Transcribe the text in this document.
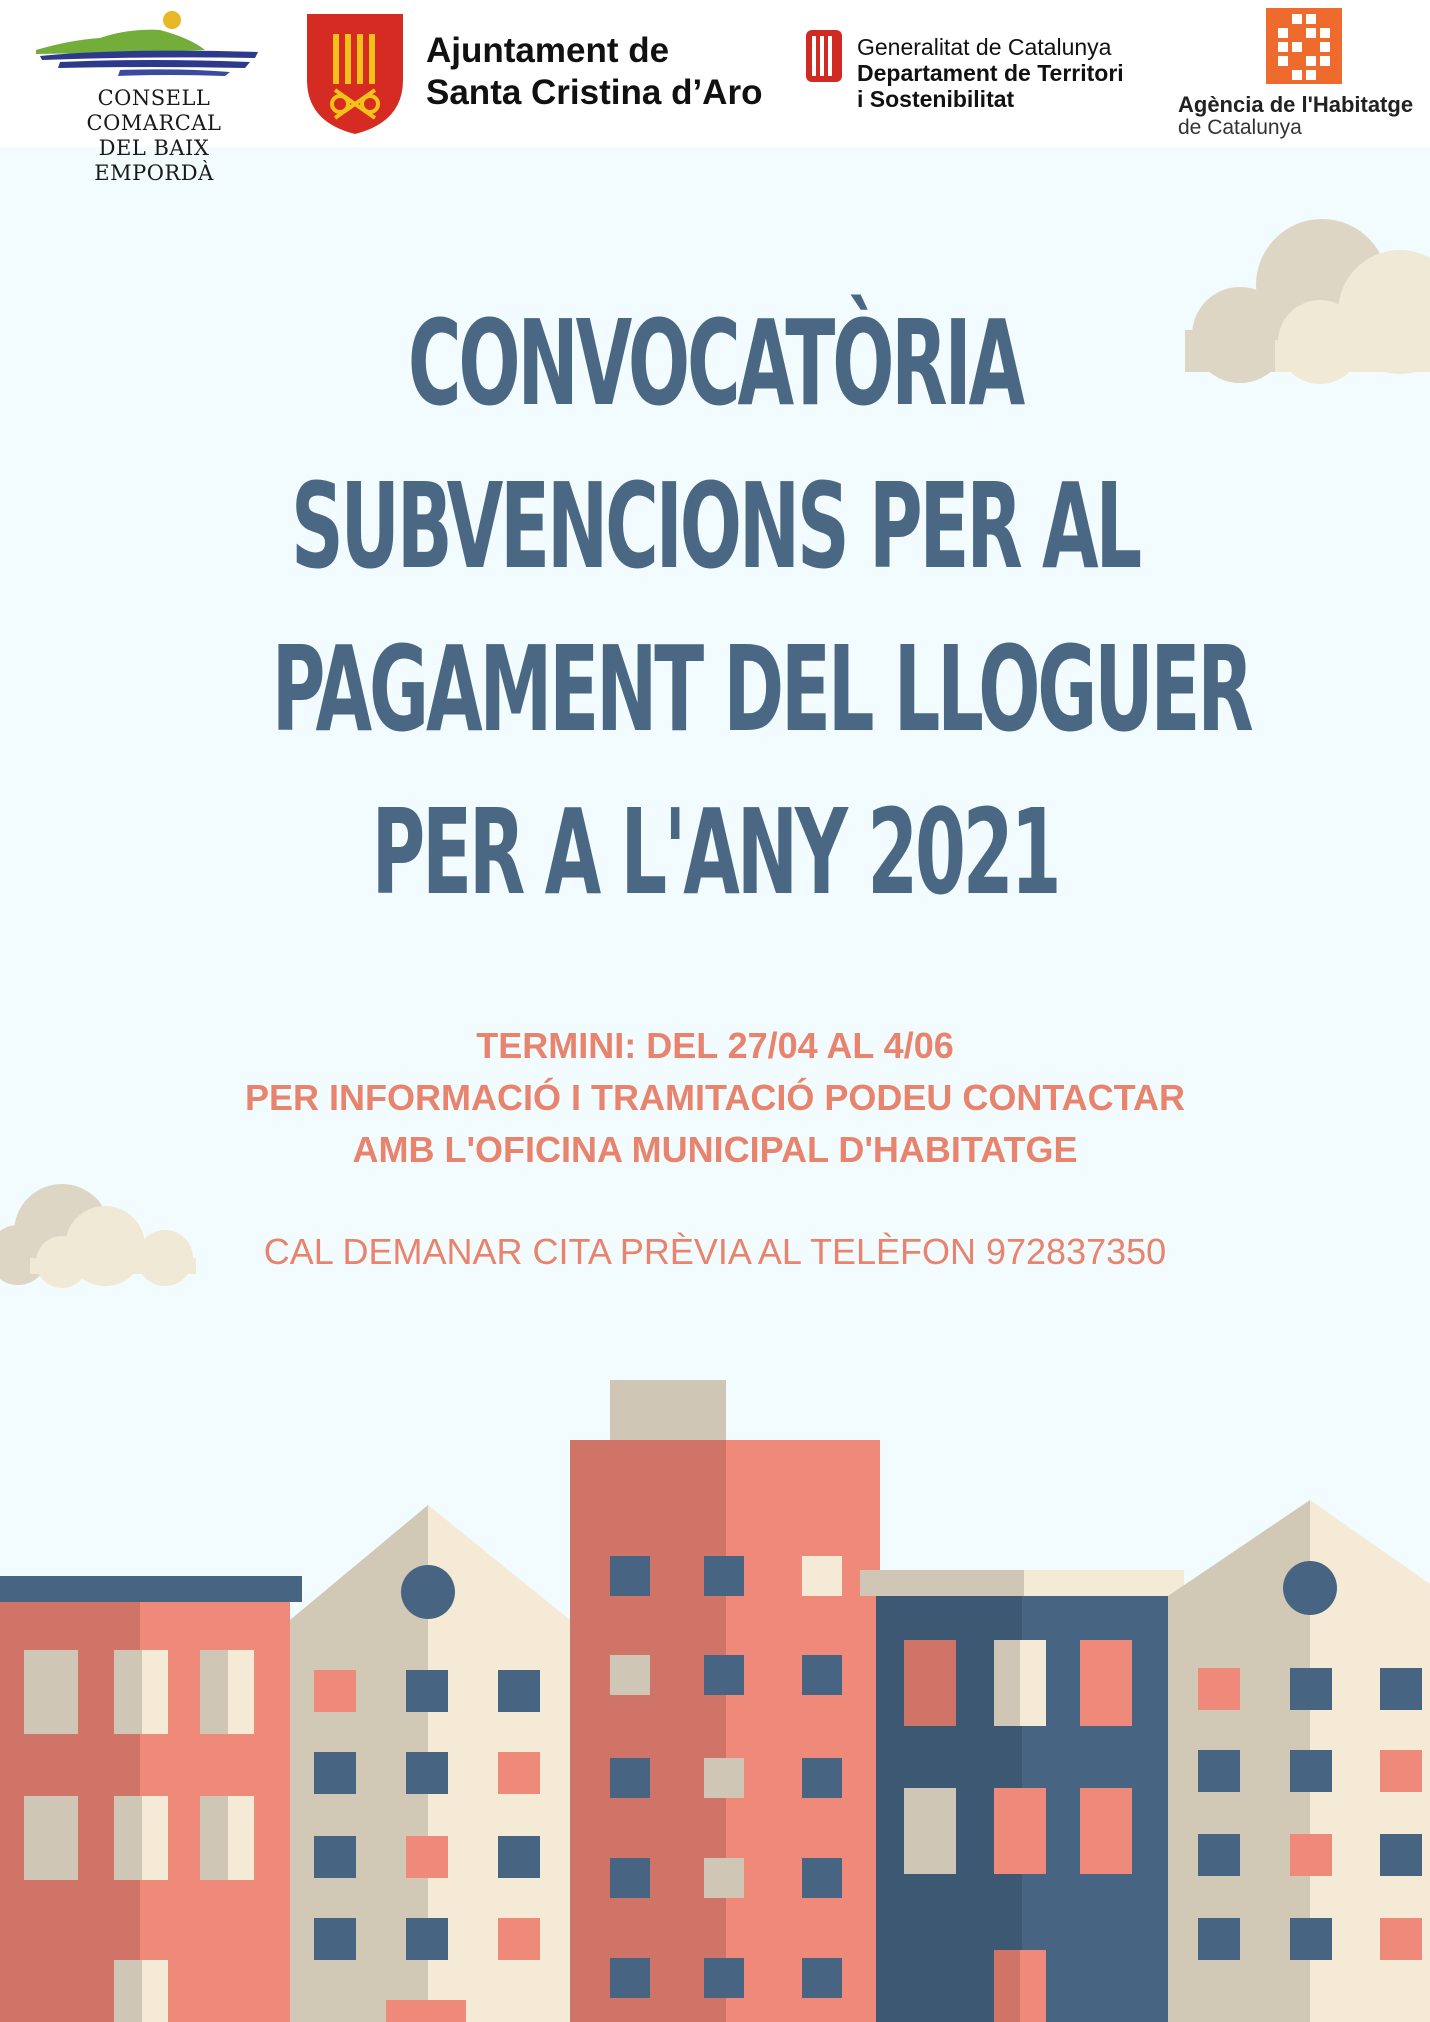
CONSELL COMARCAL
DEL BAIX EMPORDÀ
Ajuntament de
Santa Cristina d’Aro
Generalitat de Catalunya
Departament de Territori
i Sostenibilitat	Agència de l'Habitatge
de Catalunya
CONVOCATÒRIA
SUBVENCIONS PER AL
PAGAMENT DEL LLOGUER
PER A L'ANY 2021
TERMINI: DEL 27/04 AL 4/06
PER INFORMACIÓ I TRAMITACIÓ PODEU CONTACTAR
AMB L'OFICINA MUNICIPAL D'HABITATGE
CAL DEMANAR CITA PRÈVIA AL TELÈFON 972837350
